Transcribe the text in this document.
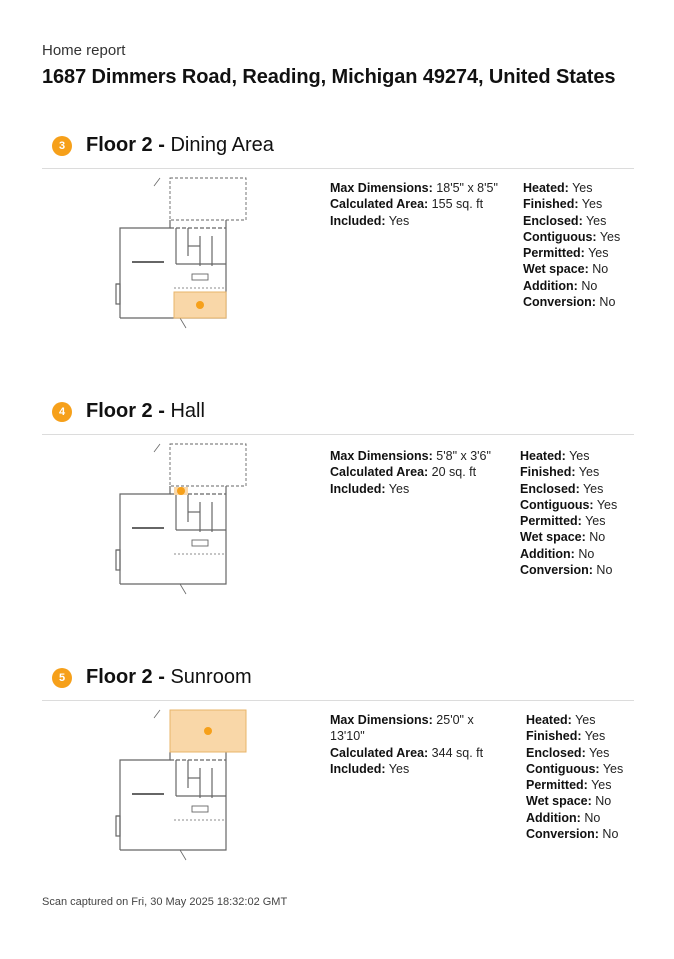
Home report
1687 Dimmers Road, Reading, Michigan 49274, United States
3	Floor 2 - Dining Area
Max Dimensions: 18'5" x 8'5"
Calculated Area: 155 sq. ft
Included: Yes
Heated: Yes
Finished: Yes
Enclosed: Yes
Contiguous: Yes
Permitted: Yes
Wet space: No
Addition: No
Conversion: No
4	Floor 2 - Hall
Max Dimensions: 5'8" x 3'6"
Calculated Area: 20 sq. ft
Included: Yes
Heated: Yes
Finished: Yes
Enclosed: Yes
Contiguous: Yes
Permitted: Yes
Wet space: No
Addition: No
Conversion: No
5	Floor 2 - Sunroom
Max Dimensions: 25'0" x 13'10"
Calculated Area: 344 sq. ft
Included: Yes
Heated: Yes
Finished: Yes
Enclosed: Yes
Contiguous: Yes
Permitted: Yes
Wet space: No
Addition: No
Conversion: No
Scan captured on Fri, 30 May 2025 18:32:02 GMT
